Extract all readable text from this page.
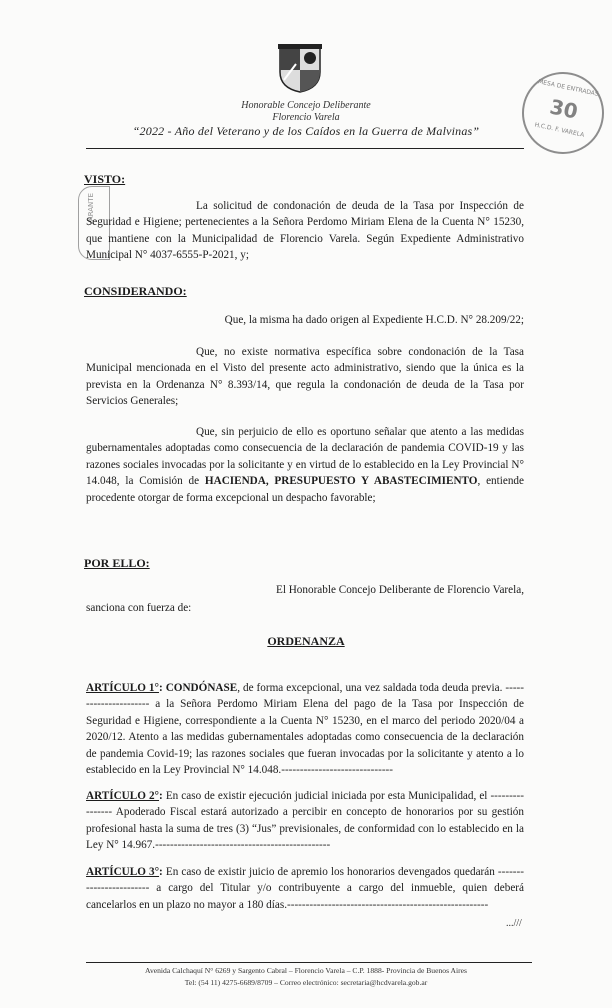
Honorable Concejo Deliberante
Florencio Varela
“2022 - Año del Veterano y de los Caídos en la Guerra de Malvinas”
MESA DE ENTRADAS
30
H.C.D. F. VARELA
VARANTE
VISTO:

La solicitud de condonación de deuda de la Tasa por Inspección de Seguridad e Higiene; pertenecientes a la Señora Perdomo Miriam Elena de la Cuenta N° 15230, que mantiene con la Municipalidad de Florencio Varela. Según Expediente Administrativo Municipal N° 4037-6555-P-2021, y;

CONSIDERANDO:
Que, la misma ha dado origen al Expediente H.C.D. N° 28.209/22;

Que, no existe normativa específica sobre condonación de la Tasa Municipal mencionada en el Visto del presente acto administrativo, siendo que la única es la prevista en la Ordenanza N° 8.393/14, que regula la condonación de deuda de la Tasa por Servicios Generales;

Que, sin perjuicio de ello es oportuno señalar que atento a las medidas gubernamentales adoptadas como consecuencia de la declaración de pandemia COVID-19 y las razones sociales invocadas por la solicitante y en virtud de lo establecido en la Ley Provincial N° 14.048, la Comisión de HACIENDA, PRESUPUESTO Y ABASTECIMIENTO, entiende procedente otorgar de forma excepcional un despacho favorable;

POR ELLO:
El Honorable Concejo Deliberante de Florencio Varela,
sanciona con fuerza de:
ORDENANZA

ARTÍCULO 1°: CONDÓNASE, de forma excepcional, una vez saldada toda deuda previa. ---------------------- a la Señora Perdomo Miriam Elena del pago de la Tasa por Inspección de Seguridad e Higiene, correspondiente a la Cuenta N° 15230, en el marco del periodo 2020/04 a 2020/12. Atento a las medidas gubernamentales adoptadas como consecuencia de la declaración de pandemia Covid-19; las razones sociales que fueran invocadas por la solicitante y atento a lo establecido en la Ley Provincial N° 14.048.------------------------------

ARTÍCULO 2°: En caso de existir ejecución judicial iniciada por esta Municipalidad, el ---------------- Apoderado Fiscal estará autorizado a percibir en concepto de honorarios por su gestión profesional hasta la suma de tres (3) “Jus” previsionales, de conformidad con lo establecido en la Ley N° 14.967.-----------------------------------------------

ARTÍCULO 3°: En caso de existir juicio de apremio los honorarios devengados quedarán ------------------------ a cargo del Titular y/o contribuyente a cargo del inmueble, quien deberá cancelarlos en un plazo no mayor a 180 días.------------------------------------------------------

...///
Avenida Calchaquí N° 6269 y Sargento Cabral – Florencio Varela – C.P. 1888- Provincia de Buenos Aires
Tel: (54 11) 4275-6689/8709 – Correo electrónico: secretaria@hcdvarela.gob.ar
